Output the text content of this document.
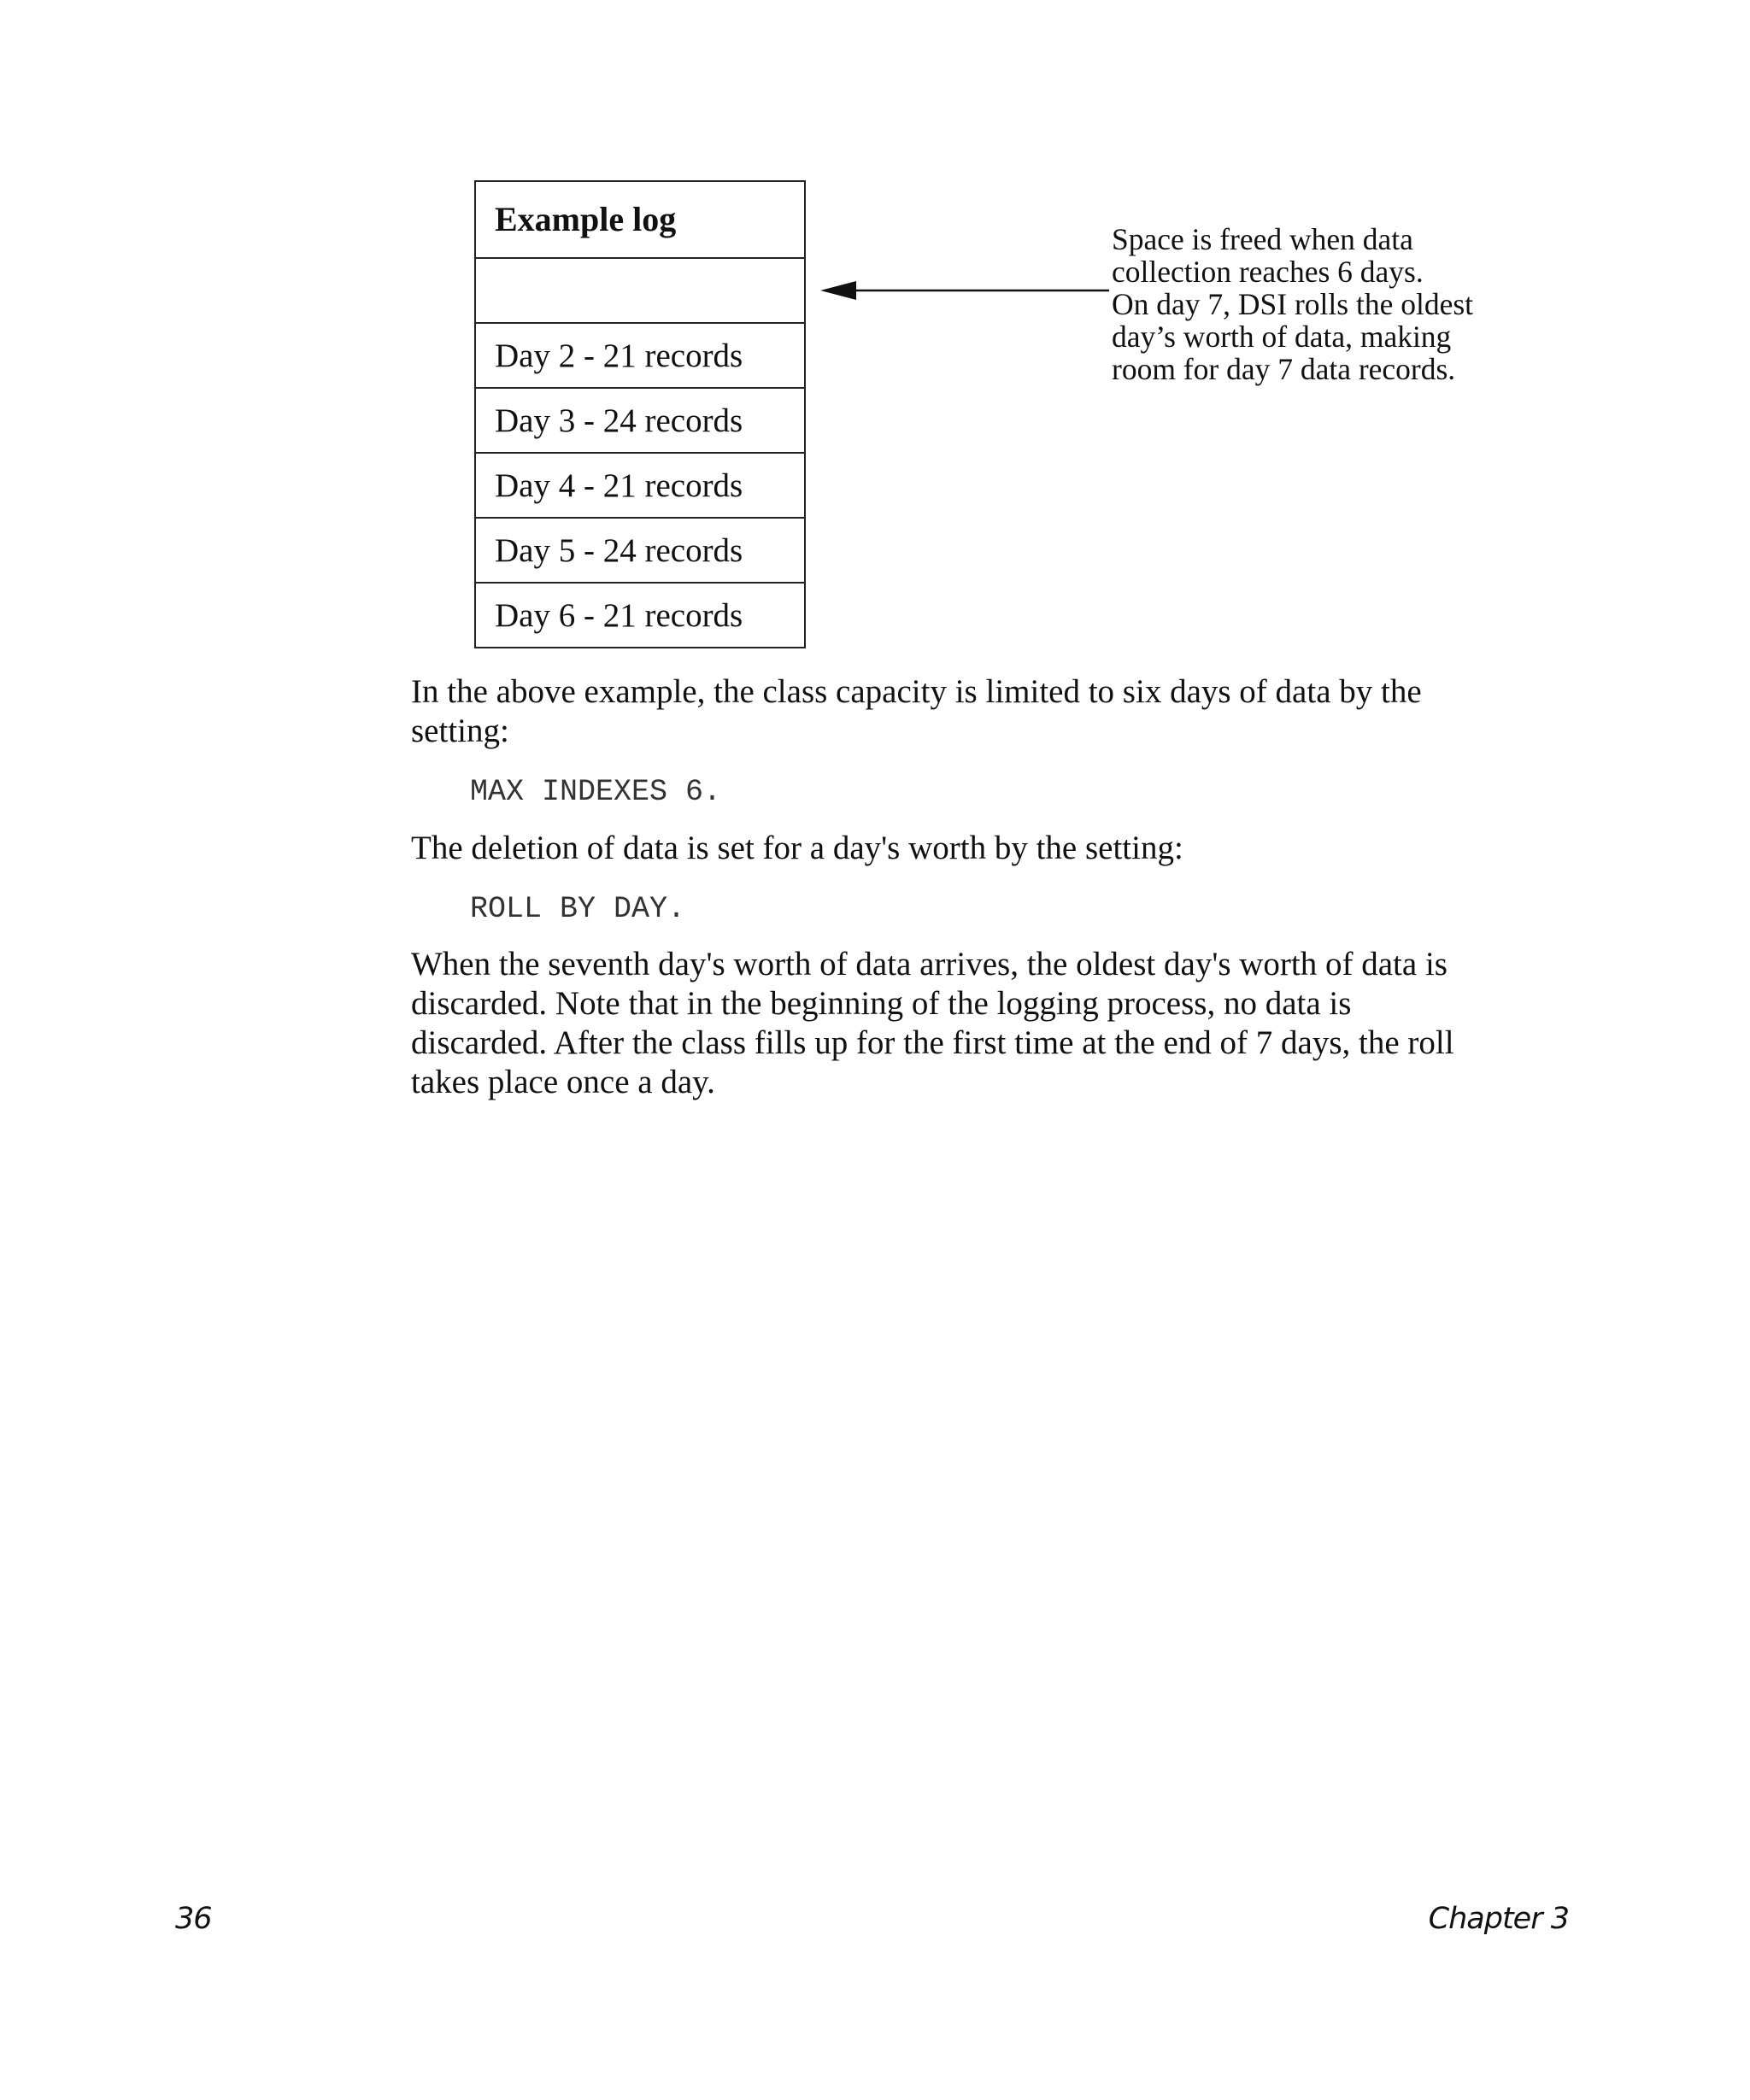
Example log

Day 2 - 21 records
Day 3 - 24 records
Day 4 - 21 records
Day 5 - 24 records
Day 6 - 21 records
Space is freed when data
collection reaches 6 days.
On day 7, DSI rolls the oldest
day’s worth of data, making
room for day 7 data records.
In the above example, the class capacity is limited to six days of data by the
setting:
MAX INDEXES 6.
The deletion of data is set for a day's worth by the setting:
ROLL BY DAY.
When the seventh day's worth of data arrives, the oldest day's worth of data is
discarded. Note that in the beginning of the logging process, no data is
discarded. After the class fills up for the first time at the end of 7 days, the roll
takes place once a day.
36	Chapter 3
